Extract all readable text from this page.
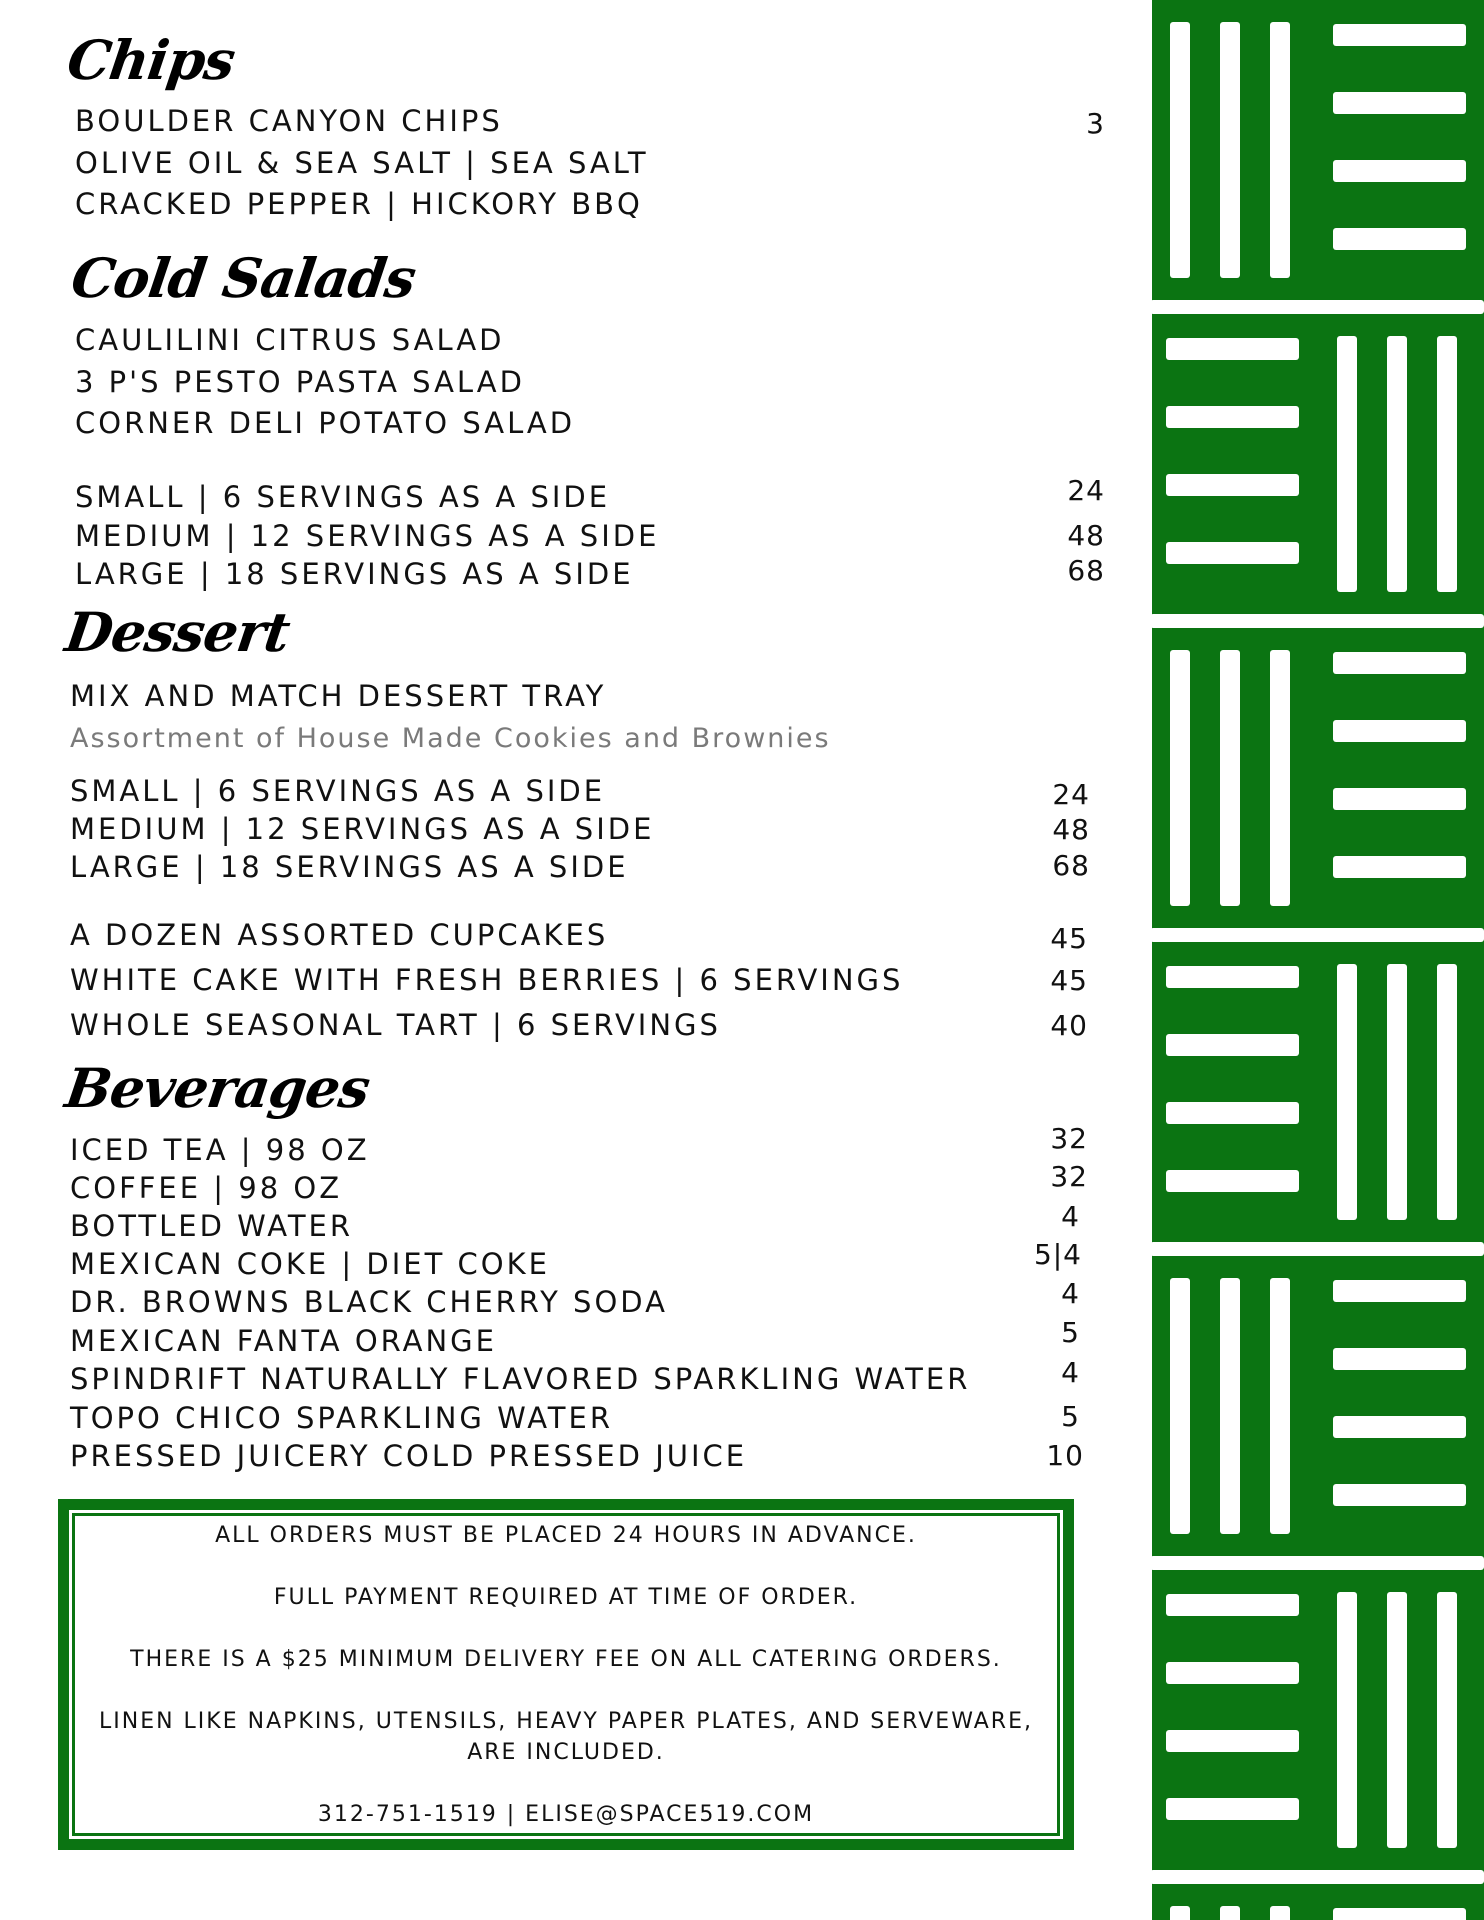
Chips
BOULDER CANYON CHIPS
OLIVE OIL & SEA SALT | SEA SALT
CRACKED PEPPER | HICKORY BBQ
3
Cold Salads
CAULILINI CITRUS SALAD
3 P'S PESTO PASTA SALAD
CORNER DELI POTATO SALAD
SMALL | 6 SERVINGS AS A SIDE
MEDIUM | 12 SERVINGS AS A SIDE
LARGE | 18 SERVINGS AS A SIDE
24
48
68
Dessert
MIX AND MATCH DESSERT TRAY
Assortment of House Made Cookies and Brownies
SMALL | 6 SERVINGS AS A SIDE
MEDIUM | 12 SERVINGS AS A SIDE
LARGE | 18 SERVINGS AS A SIDE
A DOZEN ASSORTED CUPCAKES
WHITE CAKE WITH FRESH BERRIES | 6 SERVINGS
WHOLE SEASONAL TART | 6 SERVINGS
24
48
68
45
45
40
Beverages
ICED TEA | 98 OZ
COFFEE | 98 OZ
BOTTLED WATER
MEXICAN COKE | DIET COKE
DR. BROWNS BLACK CHERRY SODA
MEXICAN FANTA ORANGE
SPINDRIFT NATURALLY FLAVORED SPARKLING WATER
TOPO CHICO SPARKLING WATER
PRESSED JUICERY COLD PRESSED JUICE
32
32
4
5|4
4
5
4
5
10
ALL ORDERS MUST BE PLACED 24 HOURS IN ADVANCE.
FULL PAYMENT REQUIRED AT TIME OF ORDER.
THERE IS A $25 MINIMUM DELIVERY FEE ON ALL CATERING ORDERS.
LINEN LIKE NAPKINS, UTENSILS, HEAVY PAPER PLATES, AND SERVEWARE,
ARE INCLUDED.
312-751-1519 | ELISE@SPACE519.COM
